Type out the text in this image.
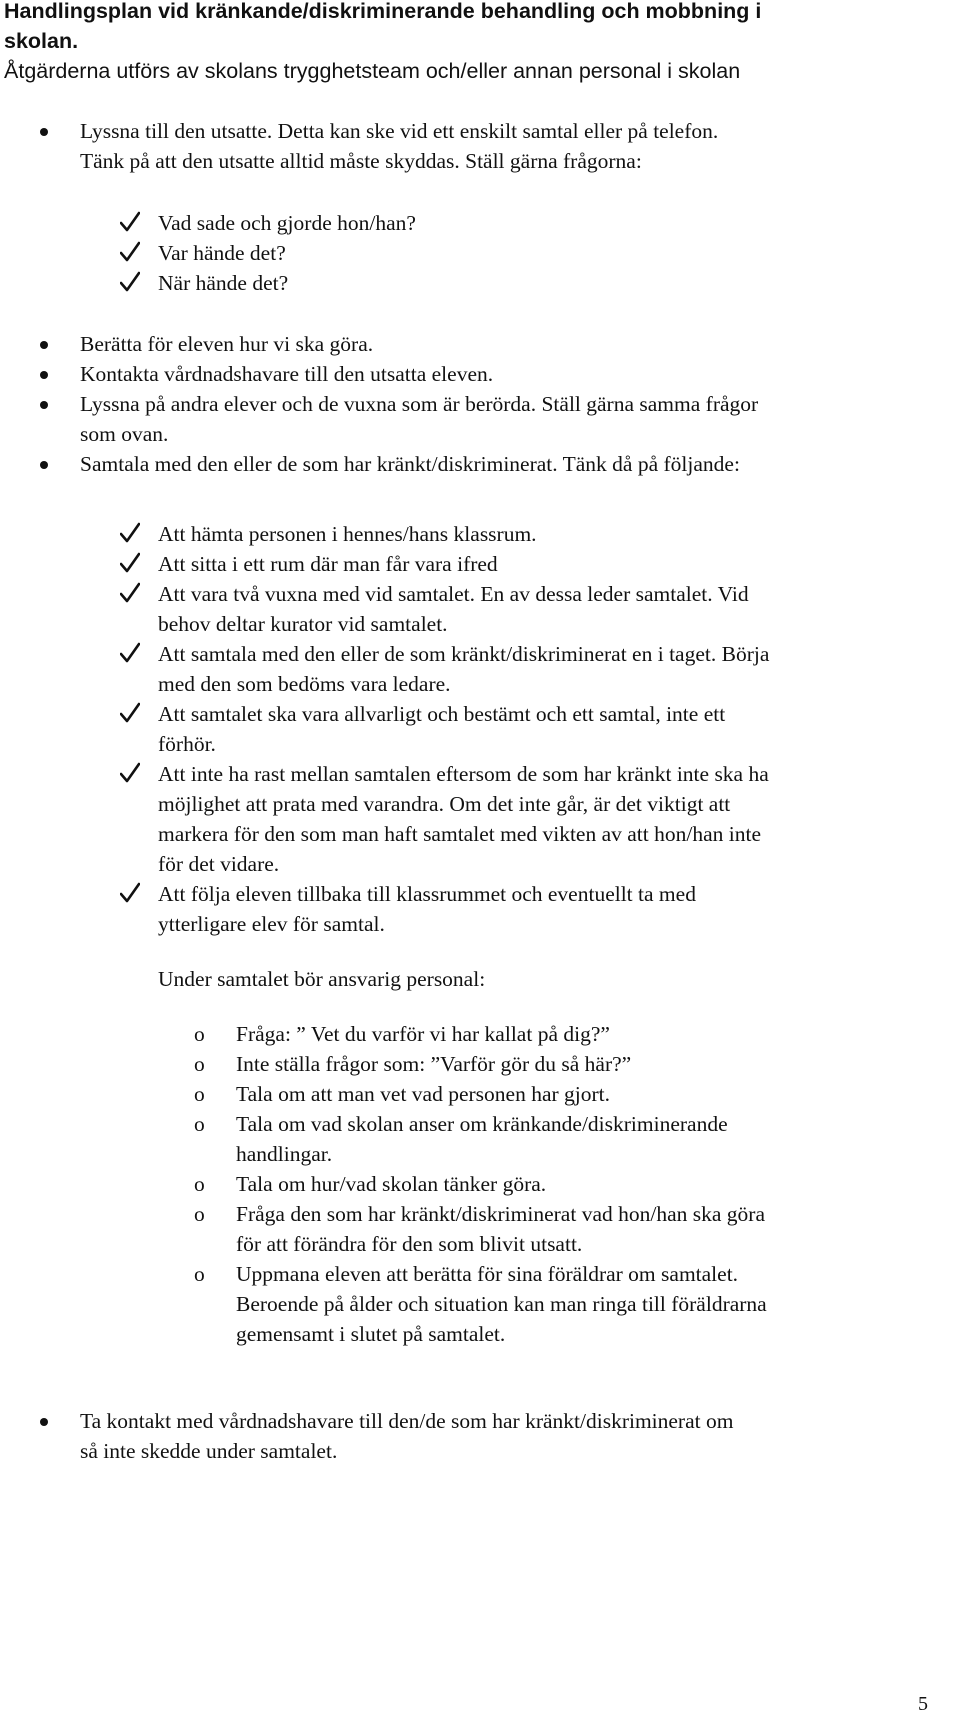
Handlingsplan vid kränkande/diskriminerande behandling och mobbning i
skolan.
Åtgärderna utförs av skolans trygghetsteam och/eller annan personal i skolan
Lyssna till den utsatte. Detta kan ske vid ett enskilt samtal eller på telefon.
Tänk på att den utsatte alltid måste skyddas. Ställ gärna frågorna:
Vad sade och gjorde hon/han?
Var hände det?
När hände det?
Berätta för eleven hur vi ska göra.
Kontakta vårdnadshavare till den utsatta eleven.
Lyssna på andra elever och de vuxna som är berörda. Ställ gärna samma frågor
som ovan.
Samtala med den eller de som har kränkt/diskriminerat. Tänk då på följande:
Att hämta personen i hennes/hans klassrum.
Att sitta i ett rum där man får vara ifred
Att vara två vuxna med vid samtalet. En av dessa leder samtalet. Vid
behov deltar kurator vid samtalet.
Att samtala med den eller de som kränkt/diskriminerat en i taget. Börja
med den som bedöms vara ledare.
Att samtalet ska vara allvarligt och bestämt och ett samtal, inte ett
förhör.
Att inte ha rast mellan samtalen eftersom de som har kränkt inte ska ha
möjlighet att prata med varandra. Om det inte går, är det viktigt att
markera för den som man haft samtalet med vikten av att hon/han inte
för det vidare.
Att följa eleven tillbaka till klassrummet och eventuellt ta med
ytterligare elev för samtal.
Under samtalet bör ansvarig personal:
o Fråga: ” Vet du varför vi har kallat på dig?”
o Inte ställa frågor som: ”Varför gör du så här?”
o Tala om att man vet vad personen har gjort.
o Tala om vad skolan anser om kränkande/diskriminerande
handlingar.
o Tala om hur/vad skolan tänker göra.
o Fråga den som har kränkt/diskriminerat vad hon/han ska göra
för att förändra för den som blivit utsatt.
o Uppmana eleven att berätta för sina föräldrar om samtalet.
Beroende på ålder och situation kan man ringa till föräldrarna
gemensamt i slutet på samtalet.
Ta kontakt med vårdnadshavare till den/de som har kränkt/diskriminerat om
så inte skedde under samtalet.
5
